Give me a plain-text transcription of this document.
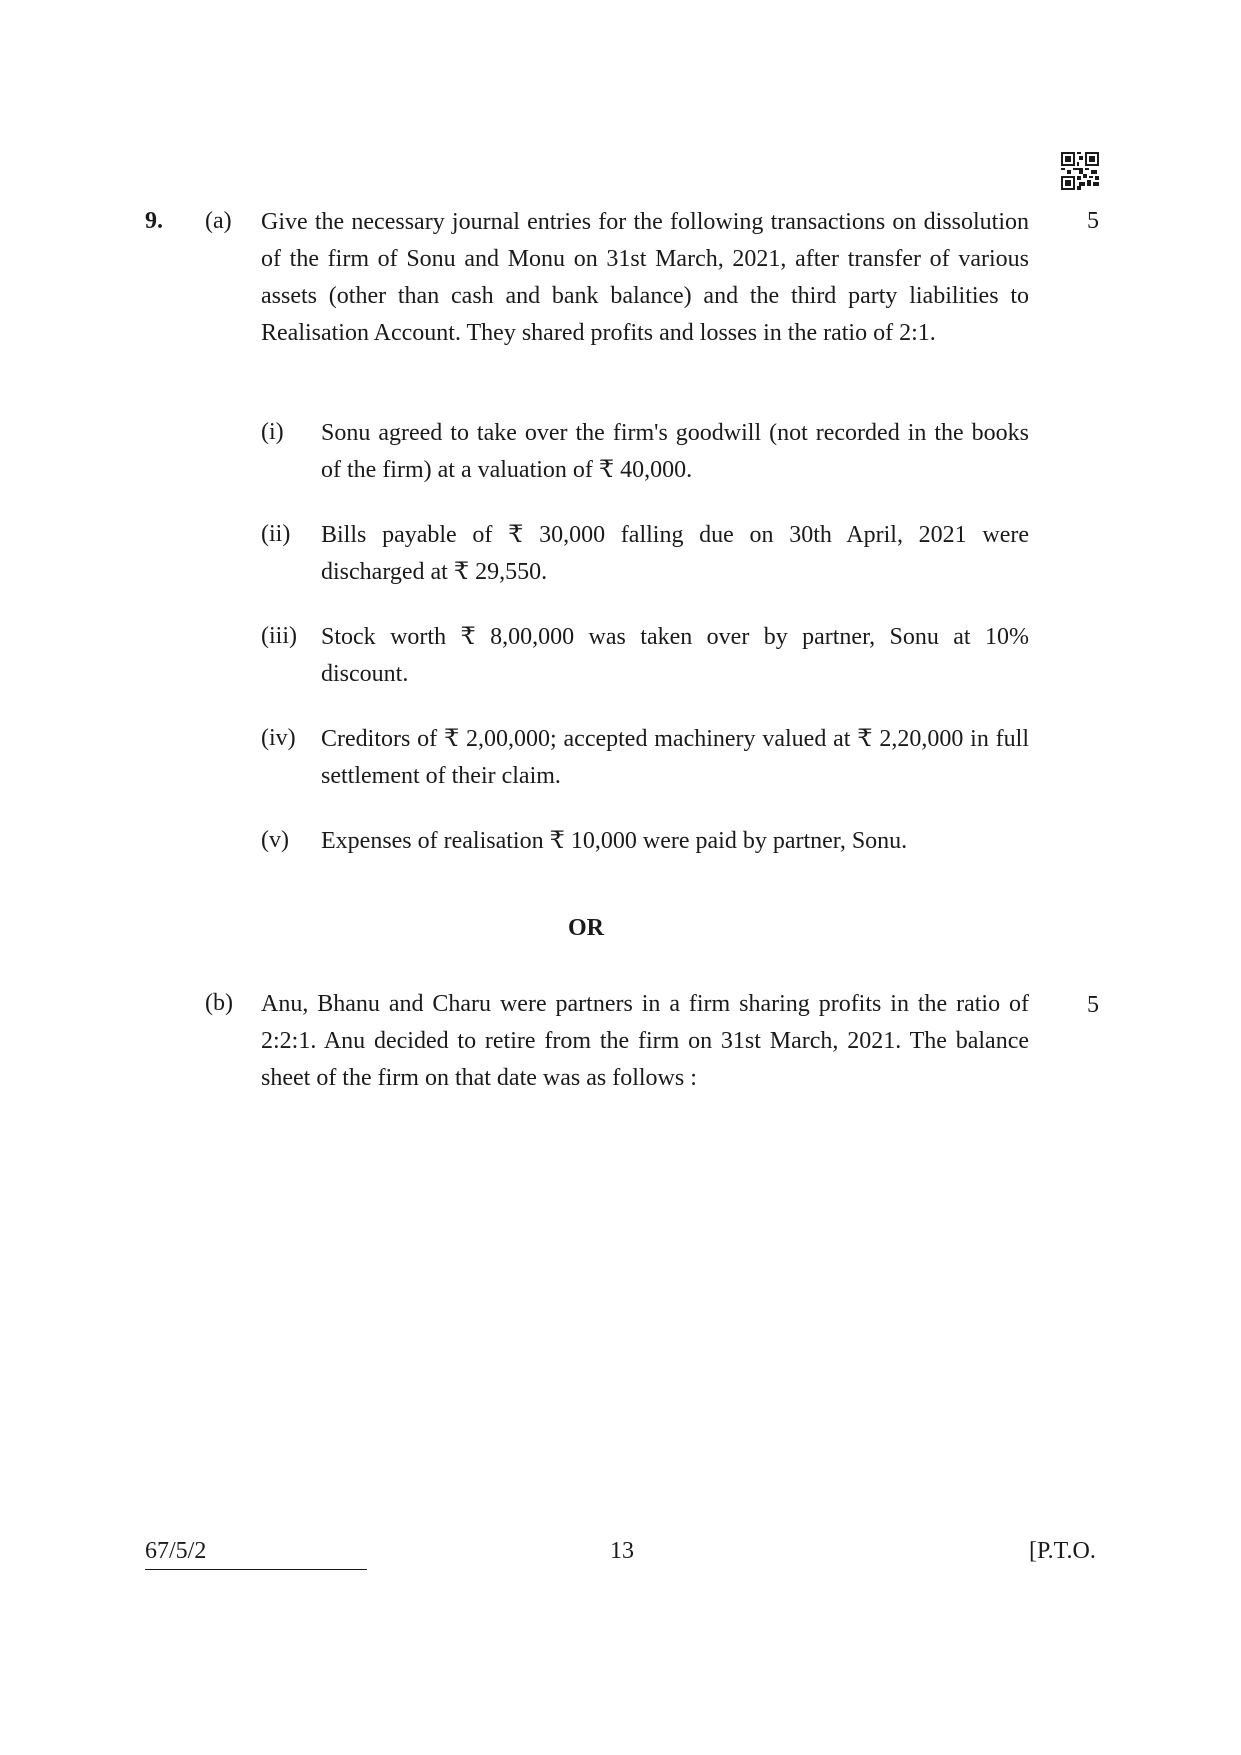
9. (a)	5

Give the necessary journal entries for the following transactions on dissolution of the firm of Sonu and Monu on 31st March, 2021, after transfer of various assets (other than cash and bank balance) and the third party liabilities to Realisation Account. They shared profits and losses in the ratio of 2:1.

(i) Sonu agreed to take over the firm's goodwill (not recorded in the books of the firm) at a valuation of ₹ 40,000.

(ii) Bills payable of ₹ 30,000 falling due on 30th April, 2021 were discharged at ₹ 29,550.

(iii) Stock worth ₹ 8,00,000 was taken over by partner, Sonu at 10% discount.

(iv) Creditors of ₹ 2,00,000; accepted machinery valued at ₹ 2,20,000 in full settlement of their claim.

(v) Expenses of realisation ₹ 10,000 were paid by partner, Sonu.

OR
(b)	5

Anu, Bhanu and Charu were partners in a firm sharing profits in the ratio of 2:2:1. Anu decided to retire from the firm on 31st March, 2021. The balance sheet of the firm on that date was as follows :

67/5/2	13	[P.T.O.
